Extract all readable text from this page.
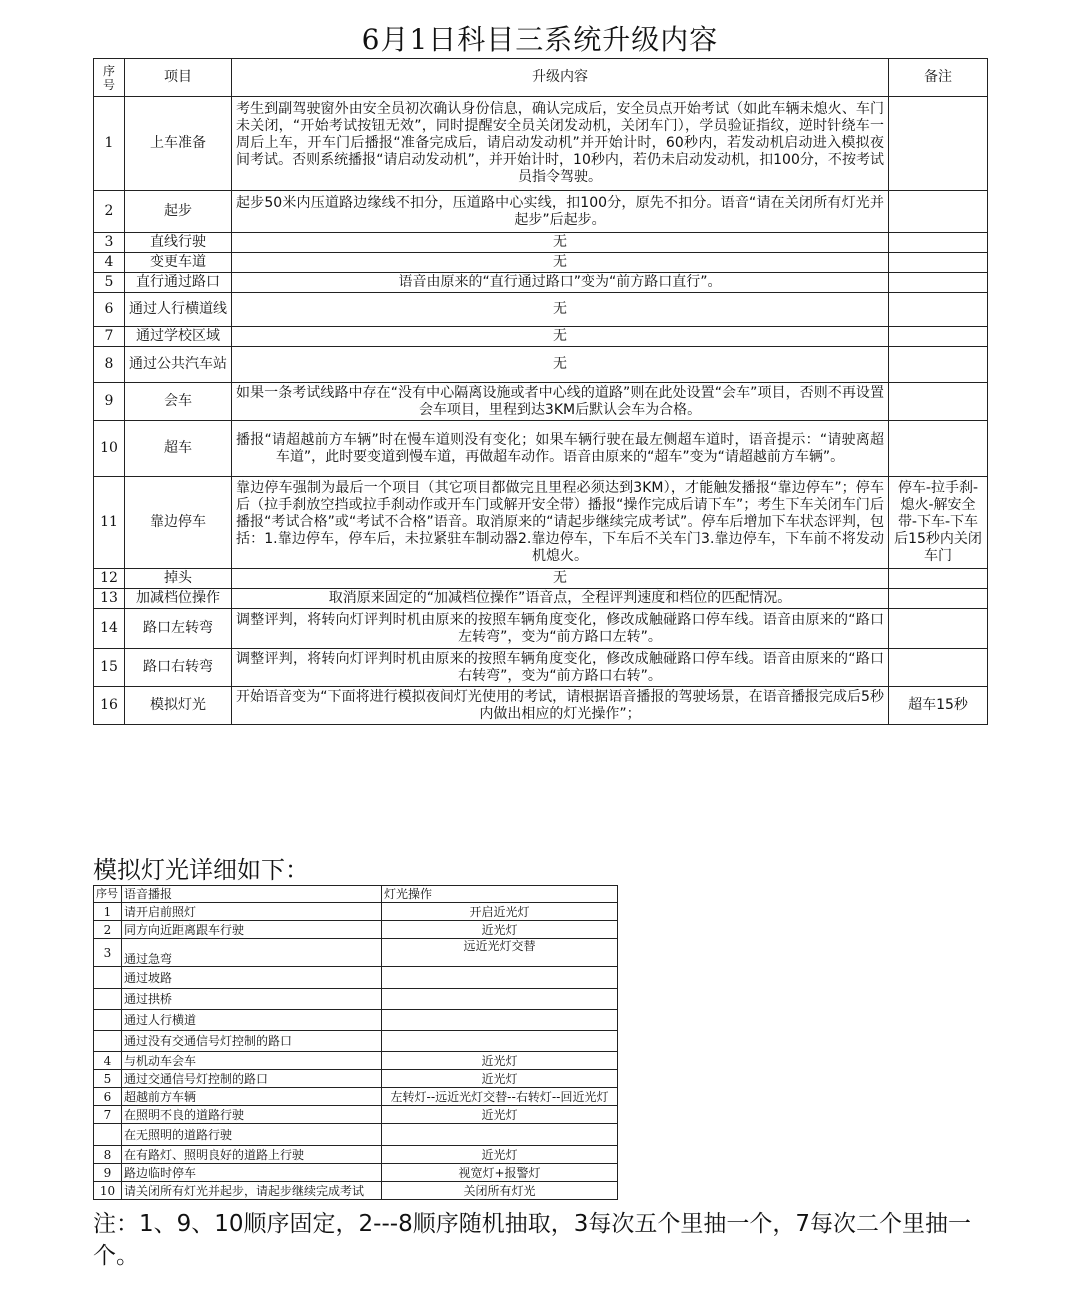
6月1日科目三系统升级内容
序号	项目	升级内容	备注
1	上车准备	考生到副驾驶窗外由安全员初次确认身份信息，确认完成后，安全员点开始考试（如此车辆未熄火、车门未关闭，“开始考试按钮无效”，同时提醒安全员关闭发动机，关闭车门），学员验证指纹，逆时针绕车一周后上车，开车门后播报“准备完成后，请启动发动机”并开始计时，60秒内，若发动机启动进入模拟夜间考试。否则系统播报“请启动发动机”，并开始计时，10秒内，若仍未启动发动机，扣100分，不按考试员指令驾驶。	
2	起步	起步50米内压道路边缘线不扣分，压道路中心实线，扣100分，原先不扣分。语音“请在关闭所有灯光并起步”后起步。	
3	直线行驶	无	
4	变更车道	无	
5	直行通过路口	语音由原来的“直行通过路口”变为“前方路口直行”。	
6	通过人行横道线	无	
7	通过学校区域	无	
8	通过公共汽车站	无	
9	会车	如果一条考试线路中存在“没有中心隔离设施或者中心线的道路”则在此处设置“会车”项目，否则不再设置会车项目，里程到达3KM后默认会车为合格。	
10	超车	播报“请超越前方车辆”时在慢车道则没有变化；如果车辆行驶在最左侧超车道时，语音提示：“请驶离超车道”，此时要变道到慢车道，再做超车动作。语音由原来的“超车”变为“请超越前方车辆”。	
11	靠边停车	靠边停车强制为最后一个项目（其它项目都做完且里程必须达到3KM），才能触发播报“靠边停车”；停车后（拉手刹放空挡或拉手刹动作或开车门或解开安全带）播报“操作完成后请下车”；考生下车关闭车门后播报“考试合格”或“考试不合格”语音。取消原来的“请起步继续完成考试”。停车后增加下车状态评判，包括：1.靠边停车，停车后，未拉紧驻车制动器2.靠边停车，下车后不关车门3.靠边停车，下车前不将发动机熄火。	停车-拉手刹-熄火-解安全带-下车-下车后15秒内关闭车门
12	掉头	无	
13	加减档位操作	取消原来固定的“加减档位操作”语音点，全程评判速度和档位的匹配情况。	
14	路口左转弯	调整评判，将转向灯评判时机由原来的按照车辆角度变化，修改成触碰路口停车线。语音由原来的“路口左转弯”，变为“前方路口左转”。	
15	路口右转弯	调整评判，将转向灯评判时机由原来的按照车辆角度变化，修改成触碰路口停车线。语音由原来的“路口右转弯”，变为“前方路口右转”。	
16	模拟灯光	开始语音变为“下面将进行模拟夜间灯光使用的考试，请根据语音播报的驾驶场景，在语音播报完成后5秒内做出相应的灯光操作”；	超车15秒
模拟灯光详细如下：
序号	语音播报	灯光操作
1	请开启前照灯	开启近光灯
2	同方向近距离跟车行驶	近光灯
3	通过急弯	远近光灯交替
	通过坡路	
	通过拱桥	
	通过人行横道	
	通过没有交通信号灯控制的路口	
4	与机动车会车	近光灯
5	通过交通信号灯控制的路口	近光灯
6	超越前方车辆	左转灯--远近光灯交替--右转灯--回近光灯
7	在照明不良的道路行驶	近光灯
	在无照明的道路行驶	
8	在有路灯、照明良好的道路上行驶	近光灯
9	路边临时停车	视宽灯+报警灯
10	请关闭所有灯光并起步，请起步继续完成考试	关闭所有灯光
注：1、9、10顺序固定，2---8顺序随机抽取，3每次五个里抽一个，7每次二个里抽一个。
